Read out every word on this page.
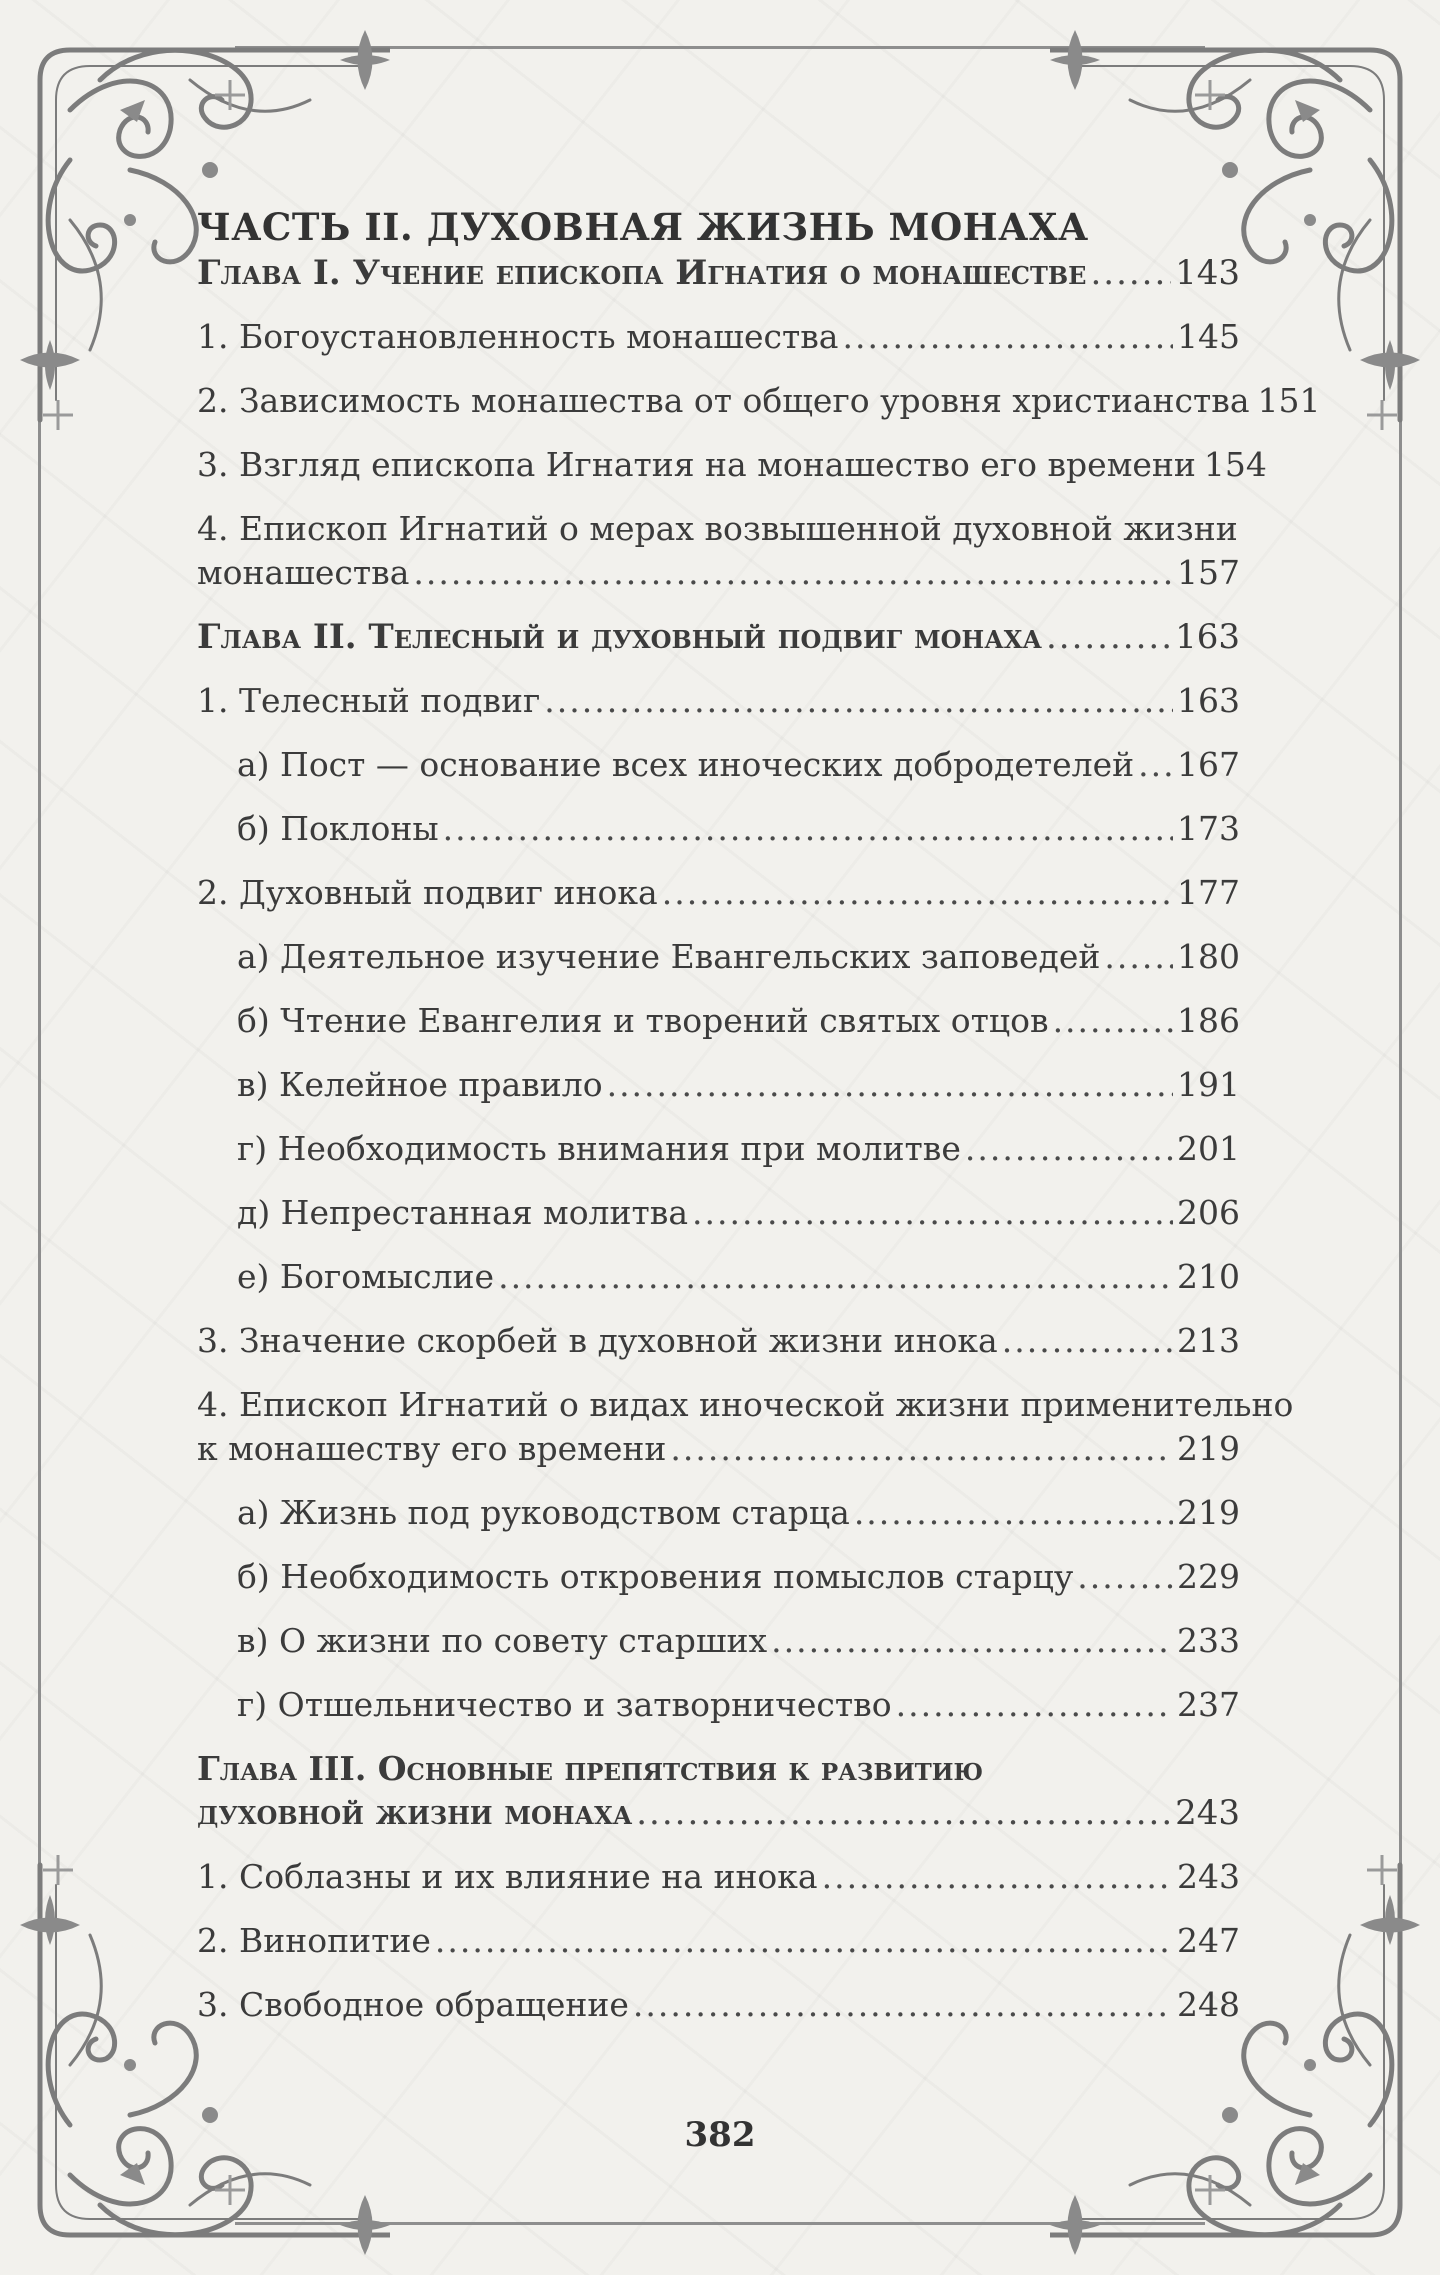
ЧАСТЬ II. ДУХОВНАЯ ЖИЗНЬ МОНАХА
Глава I. Учение епископа Игнатия о монашестве .....	143
1. Богоустановленность монашества .....	145
2. Зависимость монашества от общего уровня христианства 151
3. Взгляд епископа Игнатия на монашество его времени 154
4. Епископ Игнатий о мерах возвышенной духовной жизни
монашества .....	157
Глава II. Телесный и духовный подвиг монаха .....	163
1. Телесный подвиг .....	163
а) Пост — основание всех иноческих добродетелей ..... 167
б) Поклоны .....	173
2. Духовный подвиг инока .....	177
а) Деятельное изучение Евангельских заповедей ..... 180
б) Чтение Евангелия и творений святых отцов .....	186
в) Келейное правило .....	191
г) Необходимость внимания при молитве .....	201
д) Непрестанная молитва .....	206
е) Богомыслие .....	210
3. Значение скорбей в духовной жизни инока .....	213
4. Епископ Игнатий о видах иноческой жизни применительно
к монашеству его времени .....	219
а) Жизнь под руководством старца .....	219
б) Необходимость откровения помыслов старцу .....	229
в) О жизни по совету старших .....	233
г) Отшельничество и затворничество .....	237
Глава III. Основные препятствия к развитию
духовной жизни монаха .....	243
1. Соблазны и их влияние на инока .....	243
2. Винопитие .....	247
3. Свободное обращение .....	248
382
